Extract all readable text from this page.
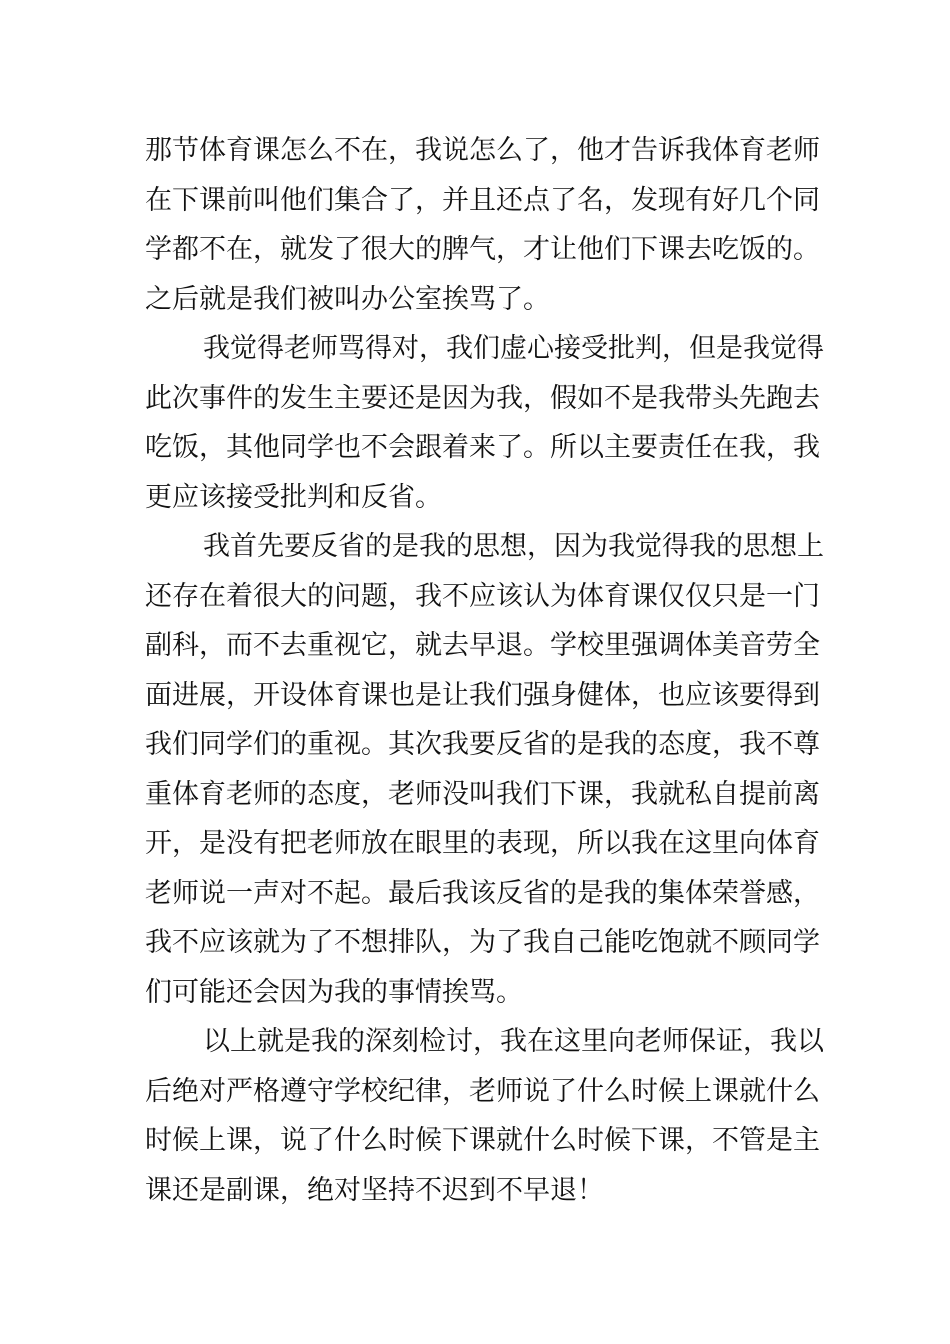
那节体育课怎么不在，我说怎么了，他才告诉我体育老师
在下课前叫他们集合了，并且还点了名，发现有好几个同
学都不在，就发了很大的脾气，才让他们下课去吃饭的。
之后就是我们被叫办公室挨骂了。
我觉得老师骂得对，我们虚心接受批判，但是我觉得
此次事件的发生主要还是因为我，假如不是我带头先跑去
吃饭，其他同学也不会跟着来了。所以主要责任在我，我
更应该接受批判和反省。
我首先要反省的是我的思想，因为我觉得我的思想上
还存在着很大的问题，我不应该认为体育课仅仅只是一门
副科，而不去重视它，就去早退。学校里强调体美音劳全
面进展，开设体育课也是让我们强身健体，也应该要得到
我们同学们的重视。其次我要反省的是我的态度，我不尊
重体育老师的态度，老师没叫我们下课，我就私自提前离
开，是没有把老师放在眼里的表现，所以我在这里向体育
老师说一声对不起。最后我该反省的是我的集体荣誉感，
我不应该就为了不想排队，为了我自己能吃饱就不顾同学
们可能还会因为我的事情挨骂。
以上就是我的深刻检讨，我在这里向老师保证，我以
后绝对严格遵守学校纪律，老师说了什么时候上课就什么
时候上课，说了什么时候下课就什么时候下课，不管是主
课还是副课，绝对坚持不迟到不早退！
